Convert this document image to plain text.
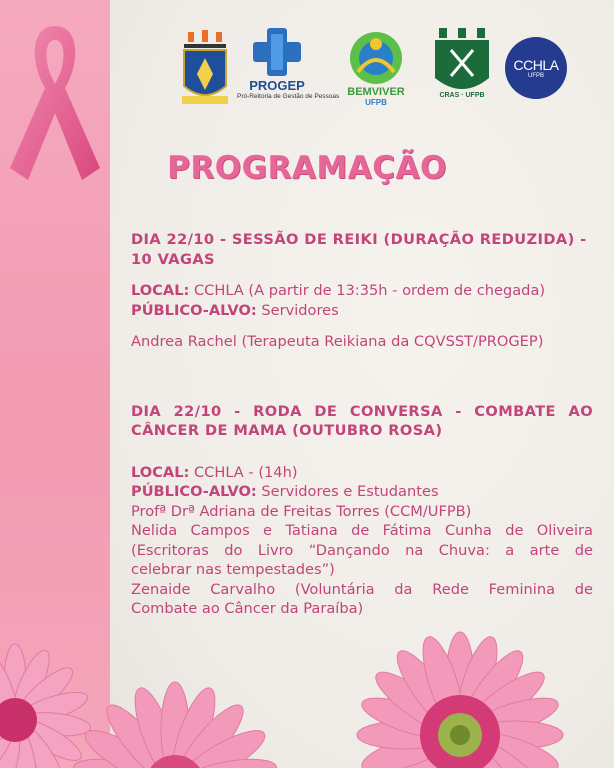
PROGEP
Pró-Reitoria de Gestão de Pessoas BEMVIVER
UFPB
CRAS · UFPB
CCHLA
UFPB
PROGRAMAÇÃO

DIA 22/10 - SESSÃO DE REIKI (DURAÇÃO REDUZIDA) - 10 VAGAS

LOCAL: CCHLA (A partir de 13:35h - ordem de chegada)

PÚBLICO-ALVO: Servidores

Andrea Rachel (Terapeuta Reikiana da CQVSST/PROGEP)

DIA 22/10 - RODA DE CONVERSA - COMBATE AO

CÂNCER DE MAMA (OUTUBRO ROSA)

LOCAL: CCHLA - (14h)

PÚBLICO-ALVO: Servidores e Estudantes

Profª Drª Adriana de Freitas Torres (CCM/UFPB)

Nelida Campos e Tatiana de Fátima Cunha de Oliveira

(Escritoras do Livro “Dançando na Chuva: a arte de

celebrar nas tempestades”)

Zenaide Carvalho (Voluntária da Rede Feminina de

Combate ao Câncer da Paraíba)
